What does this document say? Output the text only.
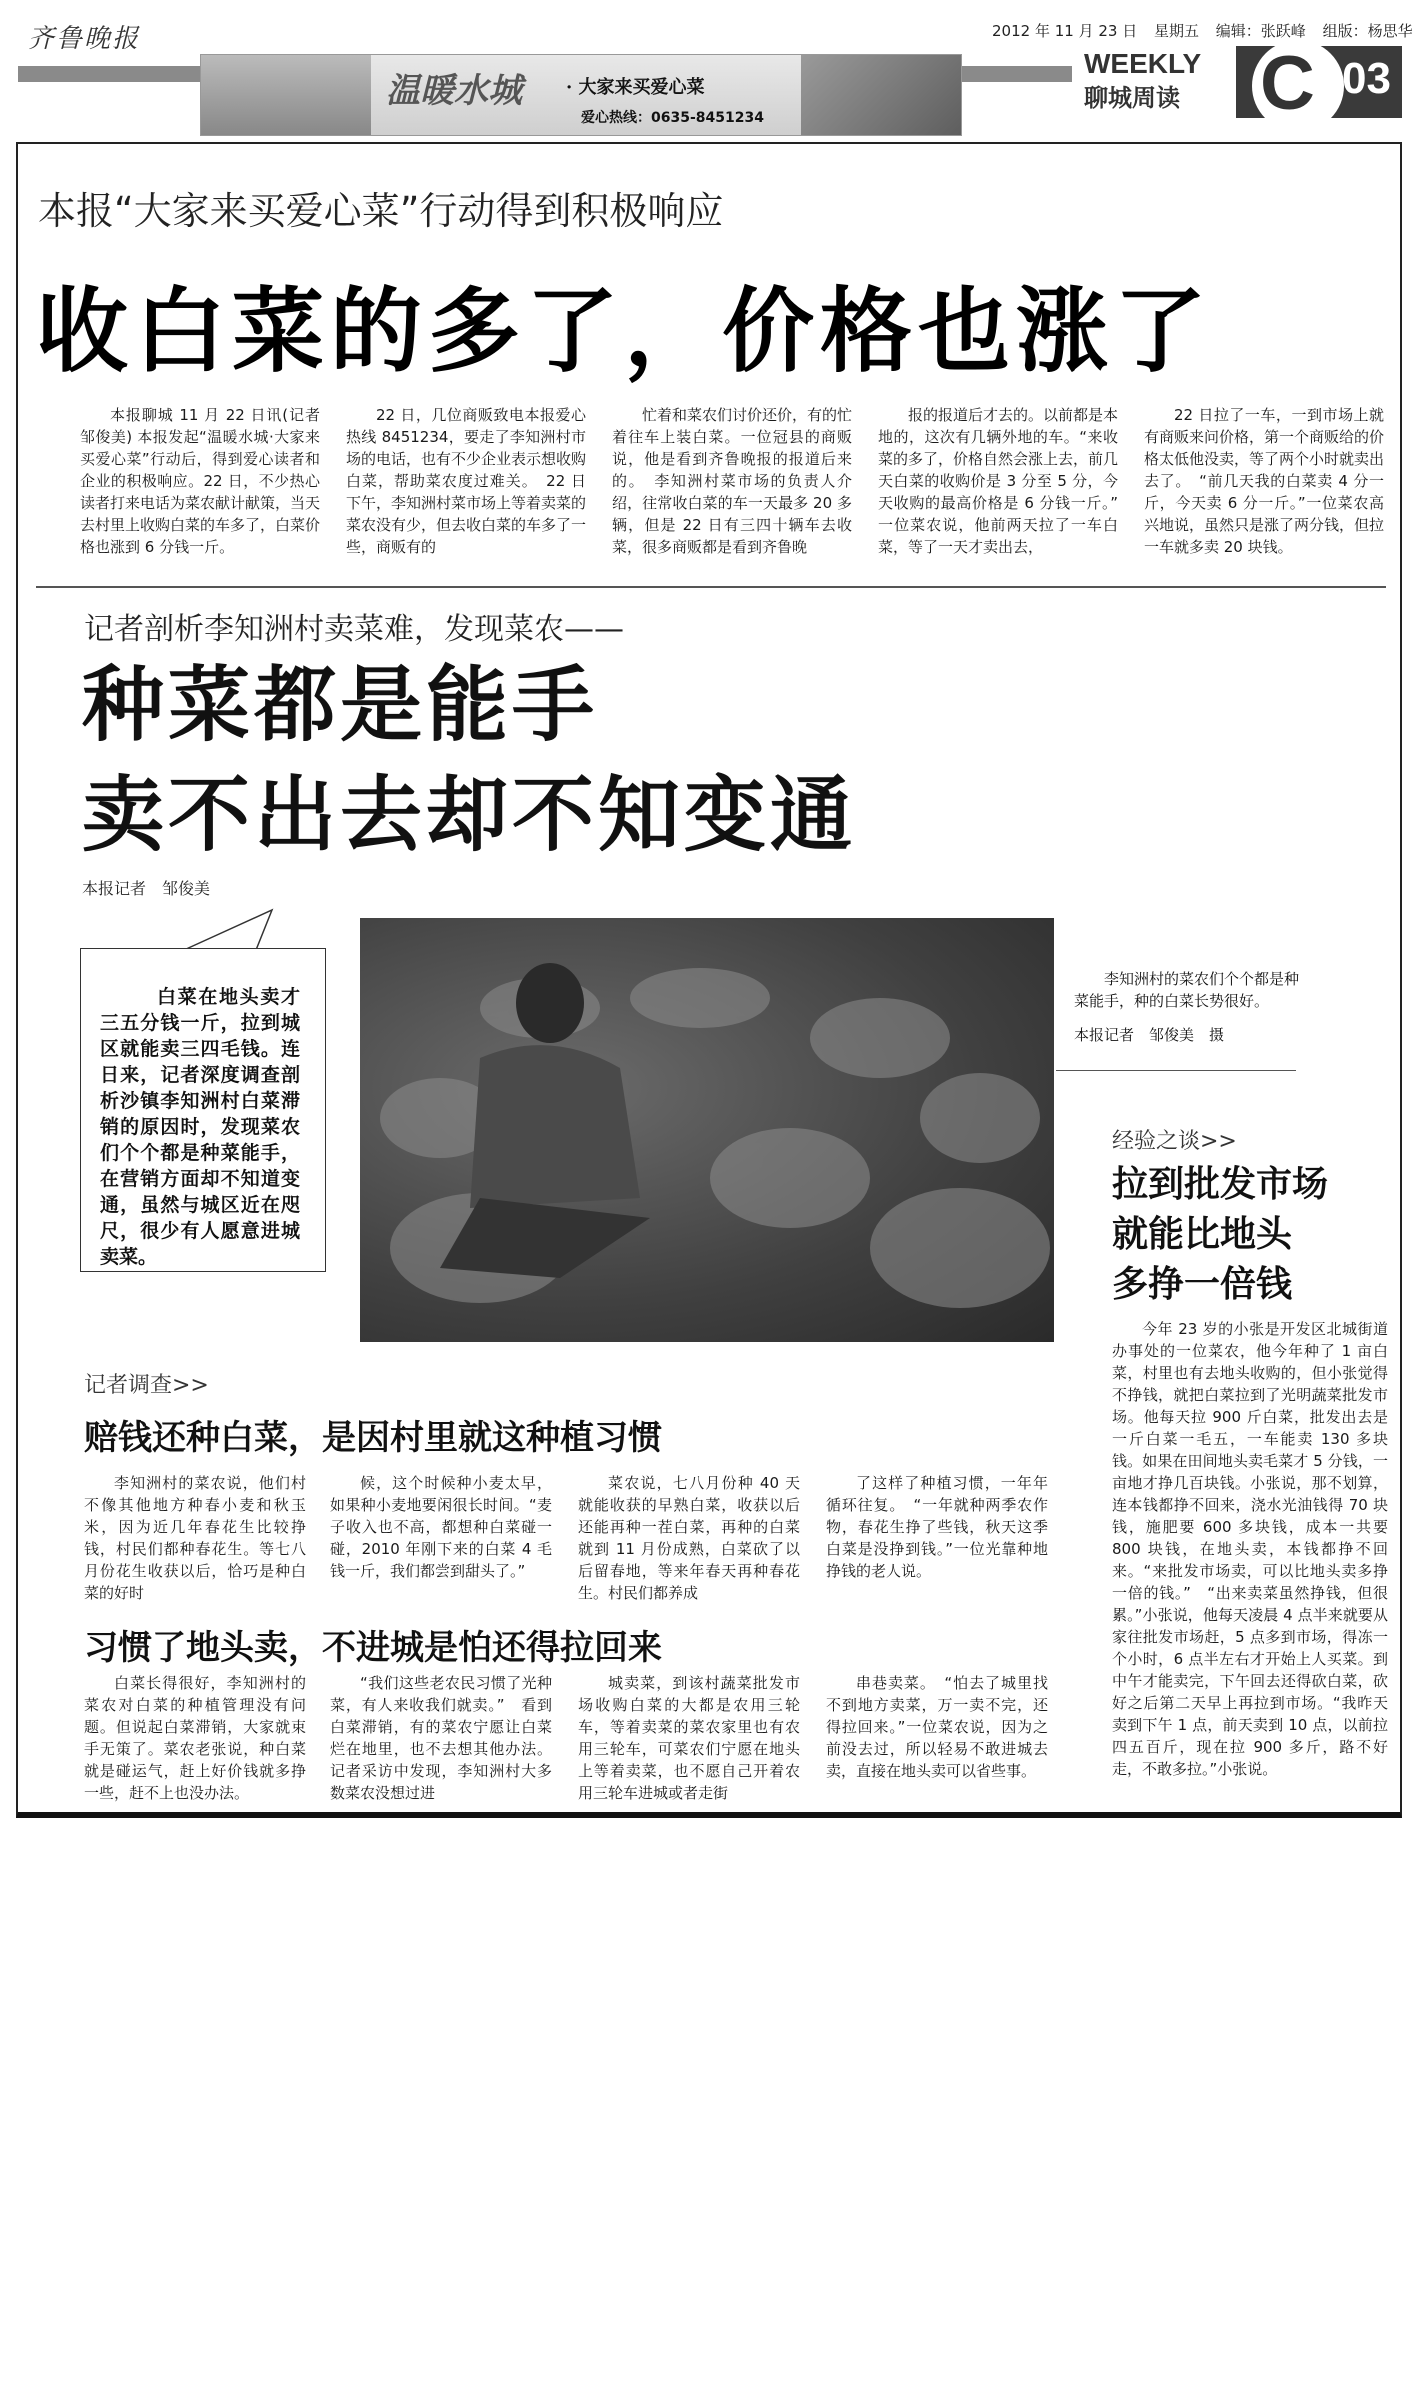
齐鲁晚报	2012 年 11 月 23 日 星期五 编辑：张跃峰 组版：杨思华
温暖水城 · 大家来买爱心菜
爱心热线：0635-8451234
WEEKLY
聊城周读 C 03
本报“大家来买爱心菜”行动得到积极响应
收白菜的多了，价格也涨了

本报聊城 11 月 22 日讯(记者 邹俊美) 本报发起“温暖水城·大家来买爱心菜”行动后，得到爱心读者和企业的积极响应。22 日，不少热心读者打来电话为菜农献计献策，当天去村里上收购白菜的车多了，白菜价格也涨到 6 分钱一斤。

22 日，几位商贩致电本报爱心热线 8451234，要走了李知洲村市场的电话，也有不少企业表示想收购白菜，帮助菜农度过难关。　22 日下午，李知洲村菜市场上等着卖菜的菜农没有少，但去收白菜的车多了一些，商贩有的

忙着和菜农们讨价还价，有的忙着往车上装白菜。一位冠县的商贩说，他是看到齐鲁晚报的报道后来的。　李知洲村菜市场的负责人介绍，往常收白菜的车一天最多 20 多辆，但是 22 日有三四十辆车去收菜，很多商贩都是看到齐鲁晚

报的报道后才去的。以前都是本地的，这次有几辆外地的车。“来收菜的多了，价格自然会涨上去，前几天白菜的收购价是 3 分至 5 分，今天收购的最高价格是 6 分钱一斤。”　一位菜农说，他前两天拉了一车白菜，等了一天才卖出去，

22 日拉了一车，一到市场上就有商贩来问价格，第一个商贩给的价格太低他没卖，等了两个小时就卖出去了。　“前几天我的白菜卖 4 分一斤，今天卖 6 分一斤。”一位菜农高兴地说，虽然只是涨了两分钱，但拉一车就多卖 20 块钱。

记者剖析李知洲村卖菜难，发现菜农——
种菜都是能手
卖不出去却不知变通
本报记者　邹俊美
白菜在地头卖才三五分钱一斤，拉到城区就能卖三四毛钱。连日来，记者深度调查剖析沙镇李知洲村白菜滞销的原因时，发现菜农们个个都是种菜能手，在营销方面却不知道变通，虽然与城区近在咫尺，很少有人愿意进城卖菜。
李知洲村的菜农们个个都是种菜能手，种的白菜长势很好。
本报记者　邹俊美　摄
经验之谈>>
拉到批发市场
就能比地头
多挣一倍钱

今年 23 岁的小张是开发区北城街道办事处的一位菜农，他今年种了 1 亩白菜，村里也有去地头收购的，但小张觉得不挣钱，就把白菜拉到了光明蔬菜批发市场。他每天拉 900 斤白菜，批发出去是一斤白菜一毛五，一车能卖 130 多块钱。如果在田间地头卖毛菜才 5 分钱，一亩地才挣几百块钱。小张说，那不划算，连本钱都挣不回来，浇水光油钱得 70 块钱，施肥要 600 多块钱，成本一共要 800 块钱，在地头卖，本钱都挣不回来。“来批发市场卖，可以比地头卖多挣一倍的钱。”　“出来卖菜虽然挣钱，但很累。”小张说，他每天凌晨 4 点半来就要从家往批发市场赶，5 点多到市场，得冻一个小时，6 点半左右才开始上人买菜。到中午才能卖完，下午回去还得砍白菜，砍好之后第二天早上再拉到市场。“我昨天卖到下午 1 点，前天卖到 10 点，以前拉四五百斤，现在拉 900 多斤，路不好走，不敢多拉。”小张说。

记者调查>>
赔钱还种白菜，是因村里就这种植习惯

李知洲村的菜农说，他们村不像其他地方种春小麦和秋玉米，因为近几年春花生比较挣钱，村民们都种春花生。等七八月份花生收获以后，恰巧是种白菜的好时

候，这个时候种小麦太早，如果种小麦地要闲很长时间。“麦子收入也不高，都想种白菜碰一碰，2010 年刚下来的白菜 4 毛钱一斤，我们都尝到甜头了。”

菜农说，七八月份种 40 天就能收获的早熟白菜，收获以后还能再种一茬白菜，再种的白菜就到 11 月份成熟，白菜砍了以后留春地，等来年春天再种春花生。村民们都养成

了这样了种植习惯，一年年循环往复。　“一年就种两季农作物，春花生挣了些钱，秋天这季白菜是没挣到钱。”一位光靠种地挣钱的老人说。

习惯了地头卖，不进城是怕还得拉回来

白菜长得很好，李知洲村的菜农对白菜的种植管理没有问题。但说起白菜滞销，大家就束手无策了。菜农老张说，种白菜就是碰运气，赶上好价钱就多挣一些，赶不上也没办法。

“我们这些老农民习惯了光种菜，有人来收我们就卖。”　看到白菜滞销，有的菜农宁愿让白菜烂在地里，也不去想其他办法。记者采访中发现，李知洲村大多数菜农没想过进

城卖菜，到该村蔬菜批发市场收购白菜的大都是农用三轮车，等着卖菜的菜农家里也有农用三轮车，可菜农们宁愿在地头上等着卖菜，也不愿自己开着农用三轮车进城或者走街

串巷卖菜。　“怕去了城里找不到地方卖菜，万一卖不完，还得拉回来。”一位菜农说，因为之前没去过，所以轻易不敢进城去卖，直接在地头卖可以省些事。
